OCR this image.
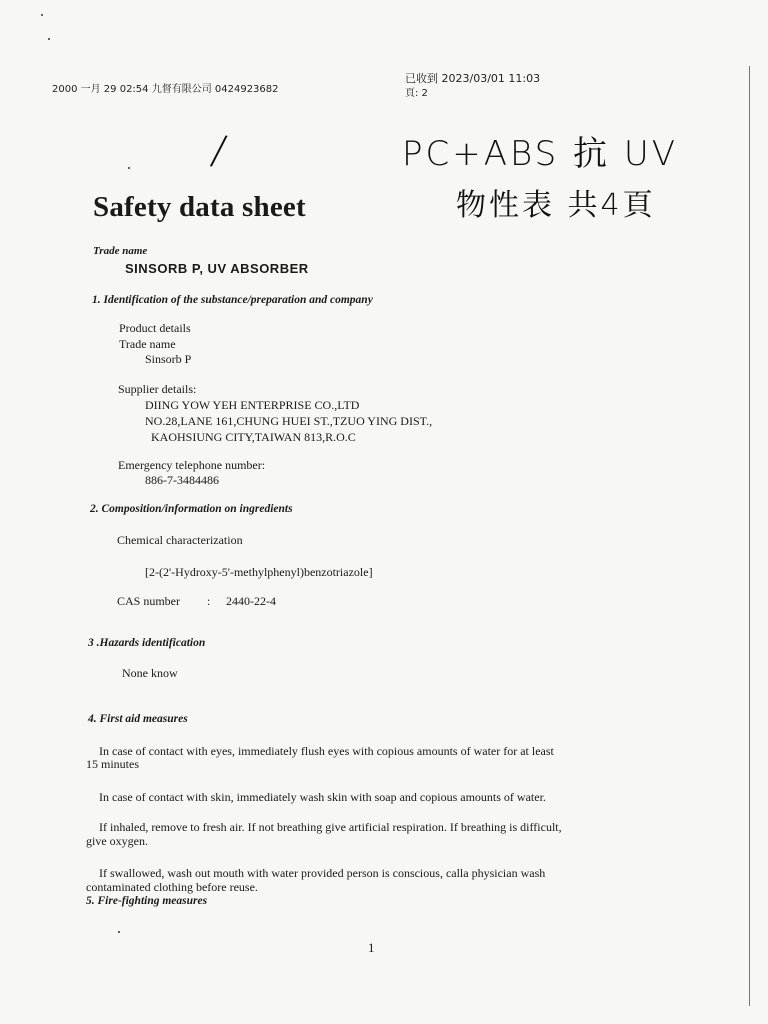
2000 一月 29 02:54 九督有限公司 0424923682
已收到 2023/03/01 11:03
頁: 2
/	PC+ABS 抗 UV
物性表 共4頁
Safety data sheet
Trade name
SINSORB P, UV ABSORBER
1. Identification of the substance/preparation and company
Product details
Trade name
Sinsorb P
Supplier details:
DIING YOW YEH ENTERPRISE CO.,LTD
NO.28,LANE 161,CHUNG HUEI ST.,TZUO YING DIST.,
KAOHSIUNG CITY,TAIWAN 813,R.O.C
Emergency telephone number:
886-7-3484486
2. Composition/information on ingredients
Chemical characterization
[2-(2'-Hydroxy-5'-methylphenyl)benzotriazole]
CAS number : 2440-22-4
3 .Hazards identification
None know
4. First aid measures
In case of contact with eyes, immediately flush eyes with copious amounts of water for at least
15 minutes
In case of contact with skin, immediately wash skin with soap and copious amounts of water.
If inhaled, remove to fresh air. If not breathing give artificial respiration. If breathing is difficult,
give oxygen.
If swallowed, wash out mouth with water provided person is conscious, calla physician wash
contaminated clothing before reuse.
5. Fire-fighting measures
1
